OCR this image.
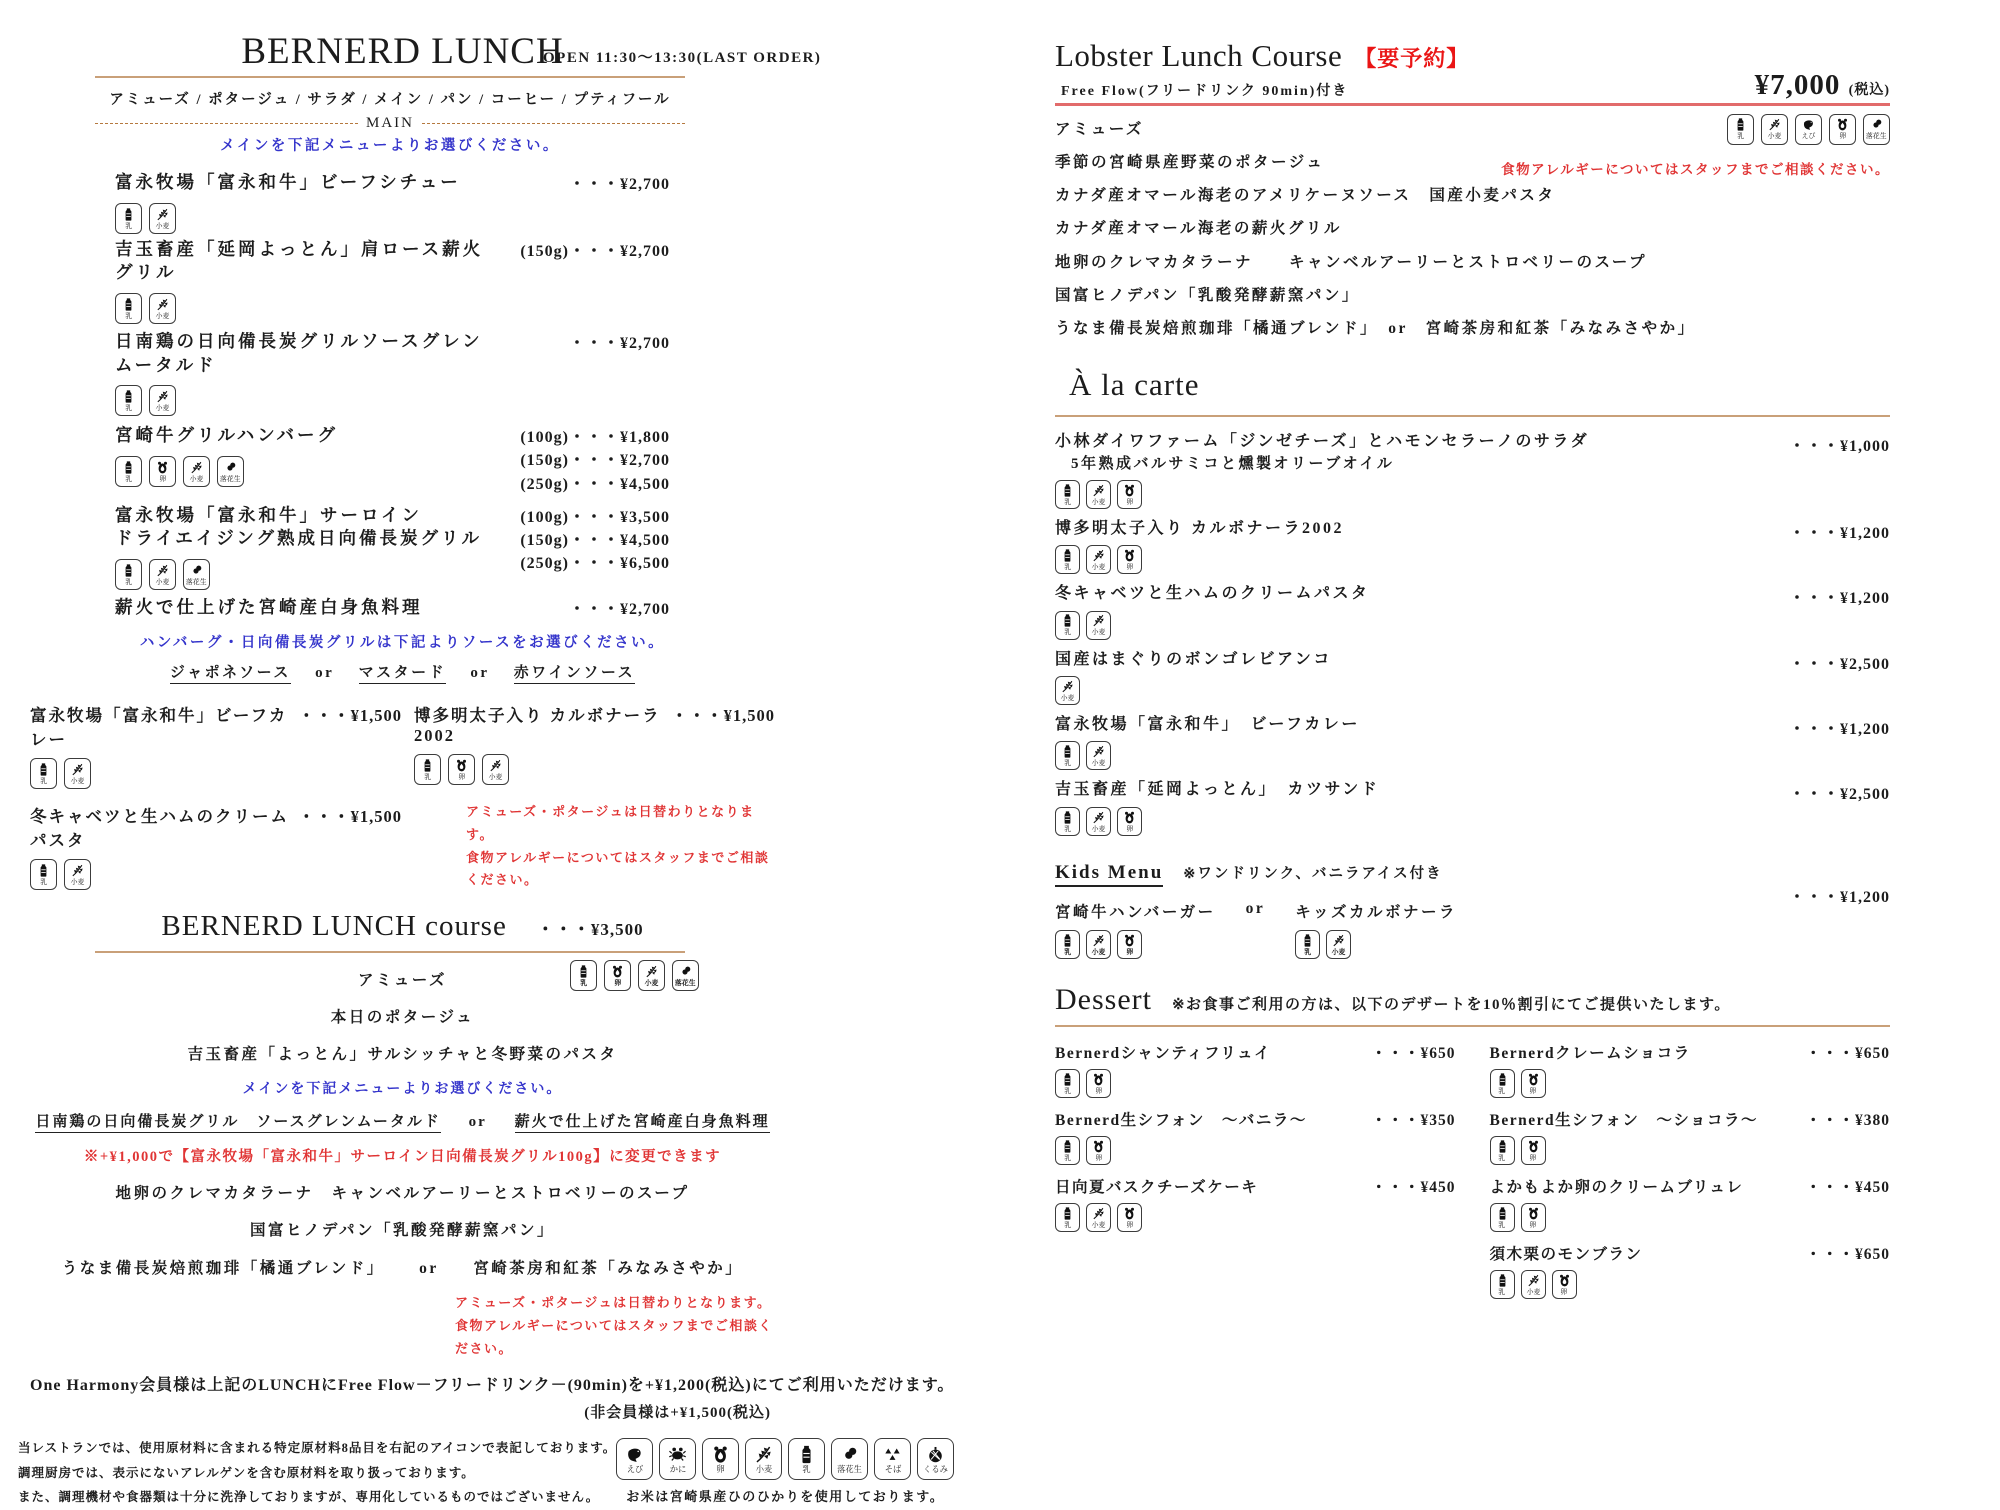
BERNERD LUNCH
OPEN 11:30～13:30(LAST ORDER)
アミューズ / ポタージュ / サラダ / メイン / パン / コーヒー / プティフール
MAIN
メインを下記メニューよりお選びください。
富永牧場「富永和牛」ビーフシチュー
乳	小麦
・・・¥2,700
吉玉畜産「延岡よっとん」肩ロース薪火グリル
乳	小麦
(150g)・・・¥2,700
日南鶏の日向備長炭グリルソースグレンムータルド
乳	小麦
・・・¥2,700
宮崎牛グリルハンバーグ
乳	卵	小麦 落花生
(100g)・・・¥1,800
(150g)・・・¥2,700
(250g)・・・¥4,500
富永牧場「富永和牛」サーロイン
ドライエイジング熟成日向備長炭グリル
乳	小麦 落花生
(100g)・・・¥3,500
(150g)・・・¥4,500
(250g)・・・¥6,500
薪火で仕上げた宮崎産白身魚料理	・・・¥2,700
ハンバーグ・日向備長炭グリルは下記よりソースをお選びください。
ジャポネソース or マスタード or 赤ワインソース
富永牧場「富永和牛」ビーフカレー
・・・¥1,500
乳	小麦
冬キャベツと生ハムのクリームパスタ
・・・¥1,500
乳	小麦
博多明太子入り カルボナーラ2002
・・・¥1,500
乳	卵	小麦
アミューズ・ポタージュは日替わりとなります。
食物アレルギーについてはスタッフまでご相談ください。
BERNERD LUNCH course ・・・¥3,500
アミューズ	乳	卵	小麦 落花生
本日のポタージュ
吉玉畜産「よっとん」サルシッチャと冬野菜のパスタ
メインを下記メニューよりお選びください。
日南鶏の日向備長炭グリル　ソースグレンムータルド or 薪火で仕上げた宮崎産白身魚料理
※+¥1,000で【富永牧場「富永和牛」サーロイン日向備長炭グリル100g】に変更できます
地卵のクレマカタラーナ　キャンベルアーリーとストロベリーのスープ
国富ヒノデパン「乳酸発酵薪窯パン」
うなま備長炭焙煎珈琲「橘通ブレンド」 or 宮崎茶房和紅茶「みなみさやか」
アミューズ・ポタージュは日替わりとなります。
食物アレルギーについてはスタッフまでご相談ください。
One Harmony会員様は上記のLUNCHにFree Flow－フリードリンク－(90min)を+¥1,200(税込)にてご利用いただけます。
(非会員様は+¥1,500(税込)
当レストランでは、使用原材料に含まれる特定原材料8品目を右記のアイコンで表記しております。
調理厨房では、表示にないアレルゲンを含む原材料を取り扱っております。
また、調理機材や食器類は十分に洗浄しておりますが、専用化しているものではございません。
えび	かに	卵	小麦	乳	落花生 そば くるみ
お米は宮崎県産ひのひかりを使用しております。
Lobster Lunch Course 【要予約】
Free Flow(フリードリンク 90min)付き	¥7,000 (税込)
乳	小麦	えび	卵	落花生
食物アレルギーについてはスタッフまでご相談ください。
アミューズ
季節の宮崎県産野菜のポタージュ
カナダ産オマール海老のアメリケーヌソース　国産小麦パスタ
カナダ産オマール海老の薪火グリル
地卵のクレマカタラーナ　　キャンベルアーリーとストロベリーのスープ
国富ヒノデパン「乳酸発酵薪窯パン」
うなま備長炭焙煎珈琲「橘通ブレンド」　or　宮崎茶房和紅茶「みなみさやか」
À la carte
小林ダイワファーム「ジンゼチーズ」とハモンセラーノのサラダ
5年熟成バルサミコと燻製オリーブオイル
乳	小麦	卵
・・・¥1,000
博多明太子入り カルボナーラ2002
乳	小麦	卵
・・・¥1,200
冬キャベツと生ハムのクリームパスタ
乳	小麦
・・・¥1,200
国産はまぐりのボンゴレビアンコ
小麦
・・・¥2,500
富永牧場「富永和牛」　ビーフカレー
乳	小麦
・・・¥1,200
吉玉畜産「延岡よっとん」　カツサンド
乳	小麦	卵
・・・¥2,500
Kids Menu ※ワンドリンク、バニラアイス付き
・・・¥1,200
宮崎牛ハンバーガー
乳	小麦	卵
or キッズカルボナーラ
乳	小麦
Dessert ※お食事ご利用の方は、以下のデザートを10％割引にてご提供いたします。
Bernerdシャンティフリュイ	・・・¥650
乳	卵
Bernerd生シフォン　～バニラ～	・・・¥350
乳	卵
日向夏バスクチーズケーキ	・・・¥450
乳	小麦	卵
Bernerdクレームショコラ	・・・¥650
乳	卵
Bernerd生シフォン　～ショコラ～	・・・¥380
乳	卵
よかもよか卵のクリームブリュレ	・・・¥450
乳	卵
須木栗のモンブラン	・・・¥650
乳	小麦	卵
